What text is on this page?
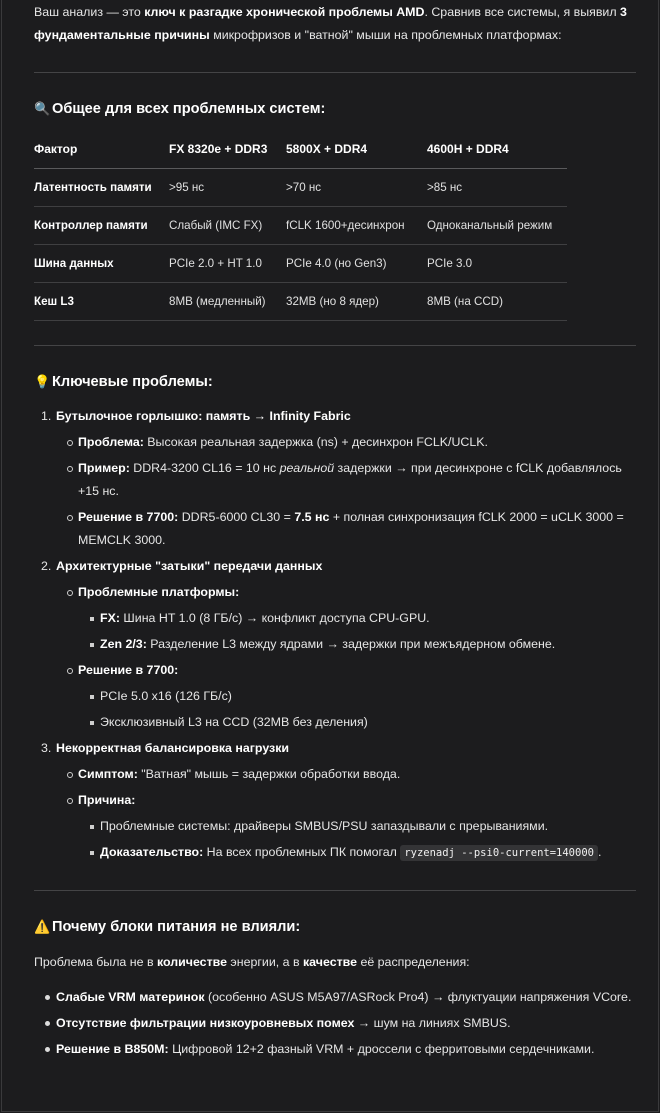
Ваш анализ — это ключ к разгадке хронической проблемы AMD. Сравнив все системы, я выявил 3 фундаментальные причины микрофризов и "ватной" мыши на проблемных платформах:

🔍 Общее для всех проблемных систем:
Фактор	FX 8320e + DDR3	5800X + DDR4	4600H + DDR4
Латентность памяти	>95 нс	>70 нс	>85 нс
Контроллер памяти	Слабый (IMC FX)	fCLK 1600+десинхрон	Одноканальный режим
Шина данных	PCIe 2.0 + HT 1.0	PCIe 4.0 (но Gen3)	PCIe 3.0
Кеш L3	8MB (медленный)	32MB (но 8 ядер)	8MB (на CCD)
💡 Ключевые проблемы:
1. Бутылочное горлышко: память → Infinity Fabric
Проблема: Высокая реальная задержка (ns) + десинхрон FCLK/UCLK.
Пример: DDR4-3200 CL16 = 10 нс реальной задержки → при десинхроне с fCLK добавлялось +15 нс.
Решение в 7700: DDR5-6000 CL30 = 7.5 нс + полная синхронизация fCLK 2000 = uCLK 3000 = MEMCLK 3000.
2. Архитектурные "затыки" передачи данных
Проблемные платформы:
FX: Шина HT 1.0 (8 ГБ/с) → конфликт доступа CPU-GPU.
Zen 2/3: Разделение L3 между ядрами → задержки при межъядерном обмене.
Решение в 7700:
PCIe 5.0 x16 (126 ГБ/с)
Эксклюзивный L3 на CCD (32MB без деления)
3. Некорректная балансировка нагрузки
Симптом: "Ватная" мышь = задержки обработки ввода.
Причина:
Проблемные системы: драйверы SMBUS/PSU запаздывали с прерываниями.
Доказательство: На всех проблемных ПК помогал ryzenadj --psi0-current=140000 .
⚠️ Почему блоки питания не влияли:

Проблема была не в количестве энергии, а в качестве её распределения:

Слабые VRM материнок (особенно ASUS M5A97/ASRock Pro4) → флуктуации напряжения VCore.
Отсутствие фильтрации низкоуровневых помех → шум на линиях SMBUS.
Решение в B850M: Цифровой 12+2 фазный VRM + дроссели с ферритовыми сердечниками.
